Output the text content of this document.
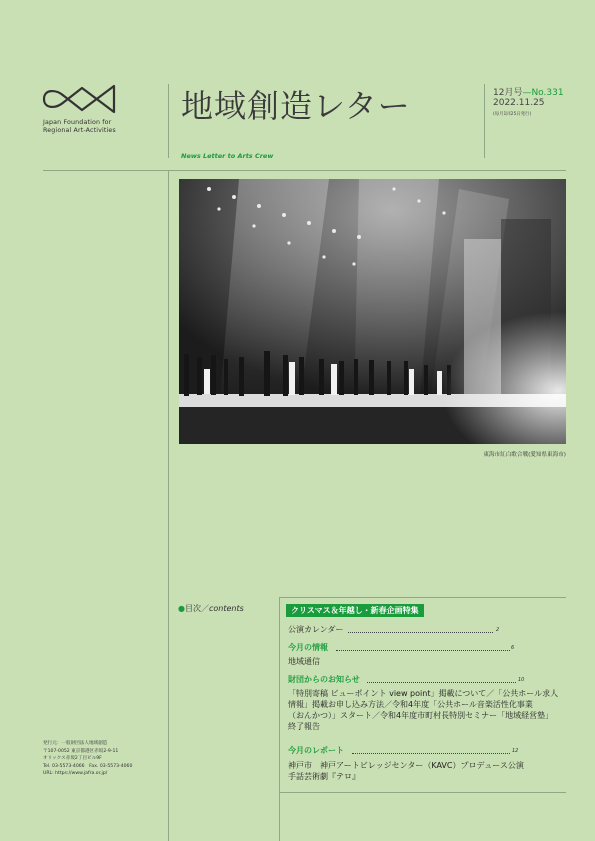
Japan Foundation for
Regional Art-Activities
地域創造レター	12月号—No.331
2022.11.25
(毎月1回25日発行)
News Letter to Arts Crew
東海市紅白歌合戦(愛知県東海市)
●目次／contents	クリスマス＆年越し・新春企画特集
公演カレンダー	2
今月の情報	6
地域通信
財団からのお知らせ	10
「特別寄稿 ビューポイント view point」掲載について／「公共ホール求人
情報」掲載お申し込み方法／令和4年度「公共ホール音楽活性化事業
（おんかつ）」スタート／令和4年度市町村長特別セミナー「地域経営塾」
終了報告
今月のレポート	12
神戸市　神戸アートビレッジセンター（KAVC）プロデュース公演
手話芸術劇『テロ』
発行元：一般財団法人地域創造
〒107-0052 東京都港区赤坂2-9-11
オリックス赤坂2丁目ビル9F
Tel. 03-5573-4066　Fax. 03-5573-4060
URL: https://www.jafra.or.jp/
